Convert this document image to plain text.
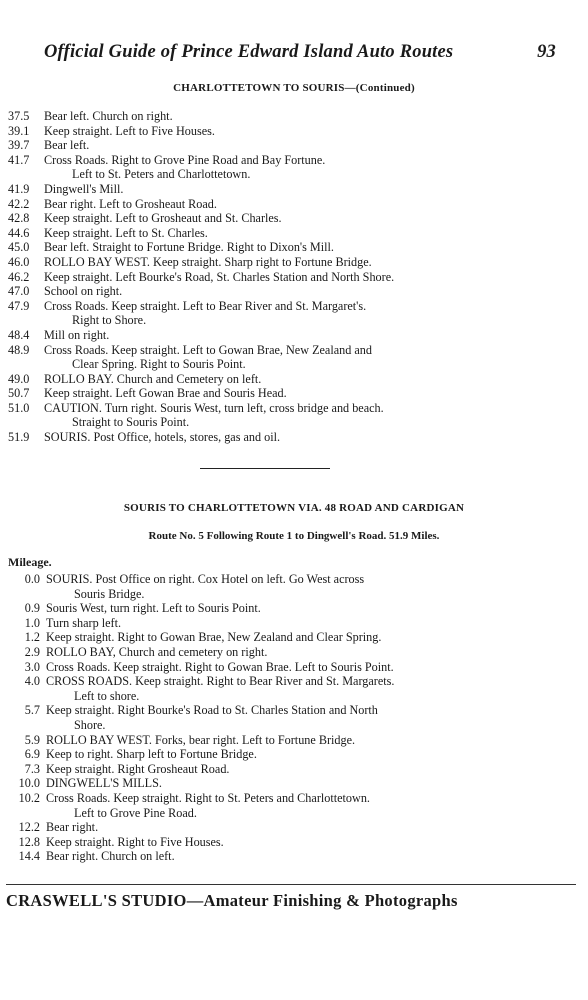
Official Guide of Prince Edward Island Auto Routes	93
CHARLOTTETOWN TO SOURIS—(Continued)
37.5	Bear left. Church on right.
39.1	Keep straight. Left to Five Houses.
39.7	Bear left.
41.7	Cross Roads. Right to Grove Pine Road and Bay Fortune.
Left to St. Peters and Charlottetown.
41.9	Dingwell's Mill.
42.2	Bear right. Left to Grosheaut Road.
42.8	Keep straight. Left to Grosheaut and St. Charles.
44.6	Keep straight. Left to St. Charles.
45.0	Bear left. Straight to Fortune Bridge. Right to Dixon's Mill.
46.0	ROLLO BAY WEST. Keep straight. Sharp right to Fortune Bridge.
46.2	Keep straight. Left Bourke's Road, St. Charles Station and North Shore.
47.0	School on right.
47.9	Cross Roads. Keep straight. Left to Bear River and St. Margaret's.
Right to Shore.
48.4	Mill on right.
48.9	Cross Roads. Keep straight. Left to Gowan Brae, New Zealand and
Clear Spring. Right to Souris Point.
49.0	ROLLO BAY. Church and Cemetery on left.
50.7	Keep straight. Left Gowan Brae and Souris Head.
51.0	CAUTION. Turn right. Souris West, turn left, cross bridge and beach.
Straight to Souris Point.
51.9	SOURIS. Post Office, hotels, stores, gas and oil.
SOURIS TO CHARLOTTETOWN VIA. 48 ROAD AND CARDIGAN
Route No. 5 Following Route 1 to Dingwell's Road. 51.9 Miles.
Mileage.
0.0 SOURIS. Post Office on right. Cox Hotel on left. Go West across
Souris Bridge.
0.9 Souris West, turn right. Left to Souris Point.
1.0 Turn sharp left.
1.2 Keep straight. Right to Gowan Brae, New Zealand and Clear Spring.
2.9 ROLLO BAY, Church and cemetery on right.
3.0 Cross Roads. Keep straight. Right to Gowan Brae. Left to Souris Point.
4.0 CROSS ROADS. Keep straight. Right to Bear River and St. Margarets.
Left to shore.
5.7 Keep straight. Right Bourke's Road to St. Charles Station and North
Shore.
5.9 ROLLO BAY WEST. Forks, bear right. Left to Fortune Bridge.
6.9 Keep to right. Sharp left to Fortune Bridge.
7.3 Keep straight. Right Grosheaut Road.
10.0 DINGWELL'S MILLS.
10.2 Cross Roads. Keep straight. Right to St. Peters and Charlottetown.
Left to Grove Pine Road.
12.2 Bear right.
12.8 Keep straight. Right to Five Houses.
14.4 Bear right. Church on left.
CRASWELL'S STUDIO—Amateur Finishing & Photographs
